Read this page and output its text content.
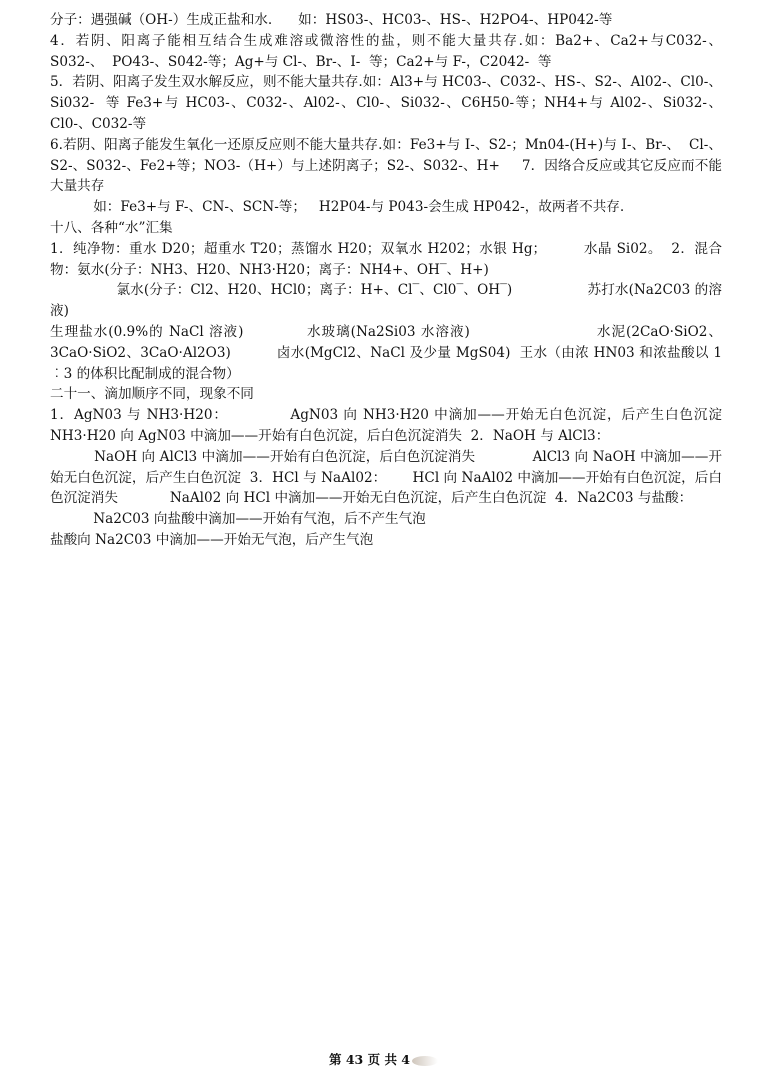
分子：遇强碱（OH-）生成正盐和水.      如：HS03-、HC03-、HS-、H2PO4-、HP042-等

4．若阴、阳离子能相互结合生成难溶或微溶性的盐，则不能大量共存.如：Ba2+、Ca2+与C032-、        S032-、  PO43-、S042-等；Ag+与 Cl-、Br-、I-  等；Ca2+与 F-，C2042-  等

5．若阴、阳离子发生双水解反应，则不能大量共存.如：Al3+与 HC03-、C032-、HS-、S2-、Al02-、Cl0-、    Si032-  等 Fe3+与 HC03-、C032-、Al02-、Cl0-、Si032-、C6H50-等；NH4+与 Al02-、Si032-、Cl0-、C032-等

6.若阴、阳离子能发生氧化一还原反应则不能大量共存.如：Fe3+与 I-、S2-；Mn04-(H+)与 I-、Br-、  Cl-、S2-、S032-、Fe2+等；NO3-（H+）与上述阴离子；S2-、S032-、H+     7．因络合反应或其它反应而不能大量共存

如：Fe3+与 F-、CN-、SCN-等；   H2P04-与 P043-会生成 HP042-，故两者不共存.

十八、各种“水”汇集

1．纯净物：重水 D20；超重水 T20；蒸馏水 H20；双氧水 H202；水银 Hg；        水晶 Si02。  2．混合物：氨水(分子：NH3、H20、NH3·H20；离子：NH4+、OH‾、H+)

氯水(分子：Cl2、H20、HCl0；离子：H+、Cl‾、Cl0‾、OH‾)                 苏打水(Na2C03 的溶液)

生理盐水(0.9%的 NaCl 溶液)            水玻璃(Na2Si03 水溶液)                        水泥(2CaO·SiO2、3CaO·SiO2、3CaO·Al2O3)          卤水(MgCl2、NaCl 及少量 MgS04)  王水（由浓 HN03 和浓盐酸以 1︰3 的体积比配制成的混合物）

二十一、滴加顺序不同，现象不同

1．AgN03 与 NH3·H20：            AgN03 向 NH3·H20 中滴加——开始无白色沉淀，后产生白色沉淀      NH3·H20 向 AgN03 中滴加——开始有白色沉淀，后白色沉淀消失  2．NaOH 与 AlCl3：

NaOH 向 AlCl3 中滴加——开始有白色沉淀，后白色沉淀消失             AlCl3 向 NaOH 中滴加——开始无白色沉淀，后产生白色沉淀  3．HCl 与 NaAl02：      HCl 向 NaAl02 中滴加——开始有白色沉淀，后白色沉淀消失            NaAl02 向 HCl 中滴加——开始无白色沉淀，后产生白色沉淀  4．Na2C03 与盐酸：

Na2C03 向盐酸中滴加——开始有气泡，后不产生气泡

盐酸向 Na2C03 中滴加——开始无气泡，后产生气泡

第 43 页 共 4
